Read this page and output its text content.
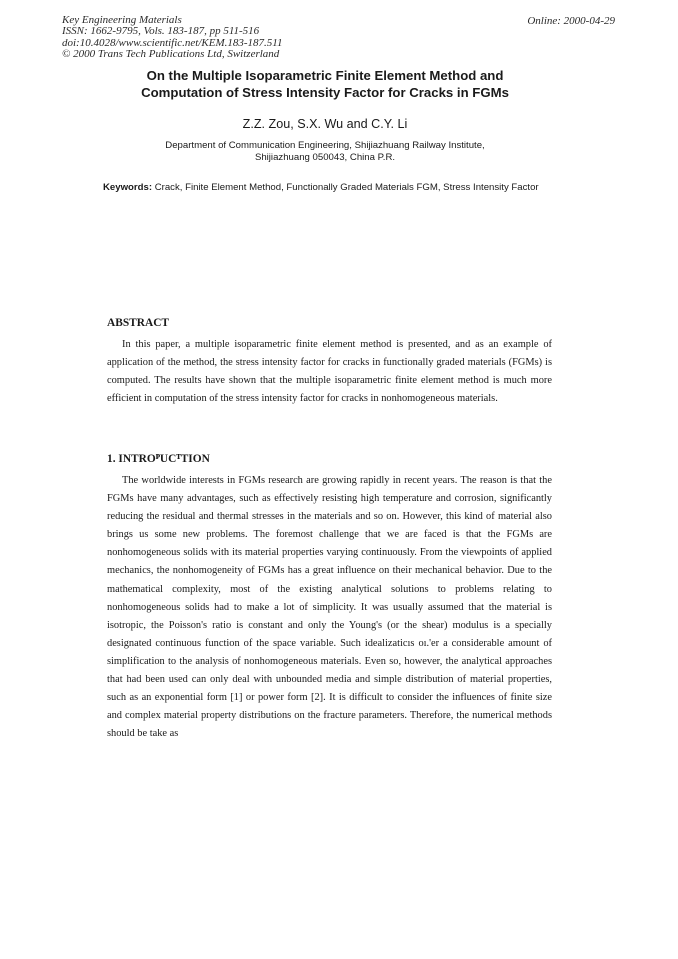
Key Engineering Materials
ISSN: 1662-9795, Vols. 183-187, pp 511-516
doi:10.4028/www.scientific.net/KEM.183-187.511
© 2000 Trans Tech Publications Ltd, Switzerland
Online: 2000-04-29
On the Multiple Isoparametric Finite Element Method and
Computation of Stress Intensity Factor for Cracks in FGMs
Z.Z. Zou, S.X. Wu and C.Y. Li
Department of Communication Engineering, Shijiazhuang Railway Institute,
Shijiazhuang 050043, China P.R.
Keywords: Crack, Finite Element Method, Functionally Graded Materials FGM, Stress Intensity Factor
ABSTRACT

In this paper, a multiple isoparametric finite element method is presented, and as an example of application of the method, the stress intensity factor for cracks in functionally graded materials (FGMs) is computed. The results have shown that the multiple isoparametric finite element method is much more efficient in computation of the stress intensity factor for cracks in nonhomogeneous materials.

1. INTROᴾUCᵀTION

The worldwide interests in FGMs research are growing rapidly in recent years. The reason is that the FGMs have many advantages, such as effectively resisting high temperature and corrosion, significantly reducing the residual and thermal stresses in the materials and so on. However, this kind of material also brings us some new problems. The foremost challenge that we are faced is that the FGMs are nonhomogeneous solids with its material properties varying continuously. From the viewpoints of applied mechanics, the nonhomogeneity of FGMs has a great influence on their mechanical behavior. Due to the mathematical complexity, most of the existing analytical solutions to problems relating to nonhomogeneous solids had to make a lot of simplicity. It was usually assumed that the material is isotropic, the Poisson's ratio is constant and only the Young's (or the shear) modulus is a specially designated continuous function of the space variable. Such idealizaticıs oı.'er a considerable amount of simplification to the analysis of nonhomogeneous materials. Even so, however, the analytical approaches that had been used can only deal with unbounded media and simple distribution of material properties, such as an exponential form [1] or power form [2]. It is difficult to consider the influences of finite size and complex material property distributions on the fracture parameters. Therefore, the numerical methods should be take as
